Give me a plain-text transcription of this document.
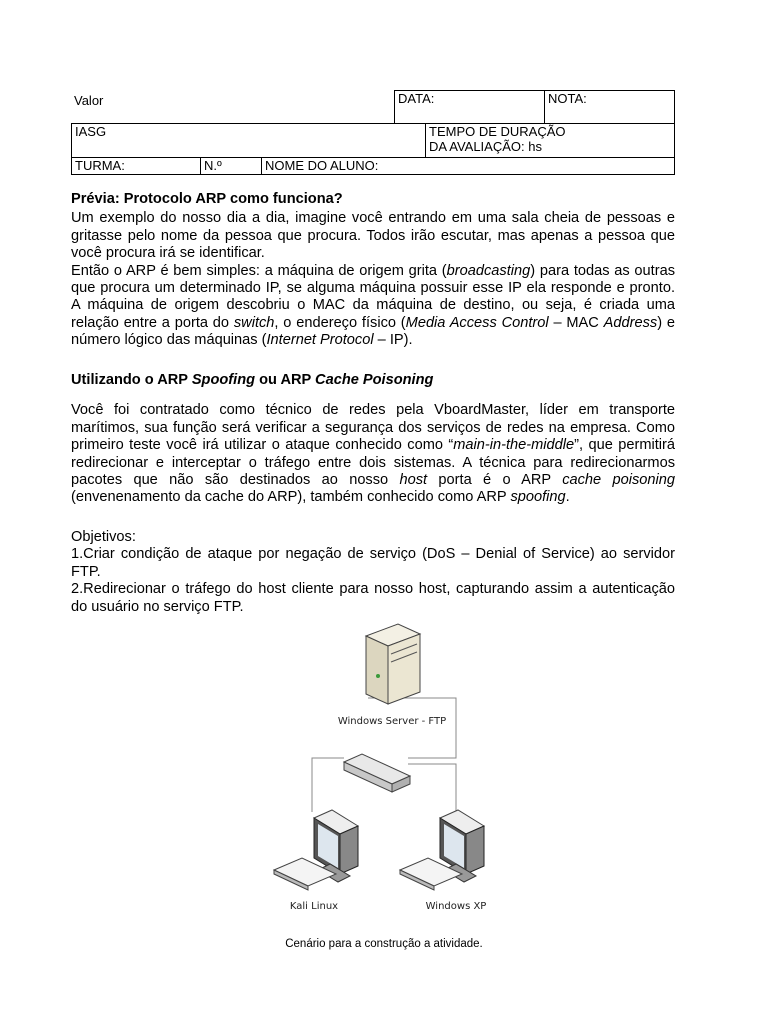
Valor	DATA:	NOTA:
IASG	TEMPO DE DURAÇÃO
DA AVALIAÇÃO: hs
TURMA:	N.º	NOME DO ALUNO:

Prévia: Protocolo ARP como funciona?

Um exemplo do nosso dia a dia, imagine você entrando em uma sala cheia de pessoas e gritasse pelo nome da pessoa que procura. Todos irão escutar, mas apenas a pessoa que você procura irá se identificar.

Então o ARP é bem simples: a máquina de origem grita (broadcasting) para todas as outras que procura um determinado IP, se alguma máquina possuir esse IP ela responde e pronto. A máquina de origem descobriu o MAC da máquina de destino, ou seja, é criada uma relação entre a porta do switch, o endereço físico (Media Access Control – MAC Address) e número lógico das máquinas (Internet Protocol – IP).

Utilizando o ARP Spoofing ou ARP Cache Poisoning

Você foi contratado como técnico de redes pela VboardMaster, líder em transporte marítimos, sua função será verificar a segurança dos serviços de redes na empresa. Como primeiro teste você irá utilizar o ataque conhecido como “main-in-the-middle”, que permitirá redirecionar e interceptar o tráfego entre dois sistemas. A técnica para redirecionarmos pacotes que não são destinados ao nosso host porta é o ARP cache poisoning (envenenamento da cache do ARP), também conhecido como ARP spoofing.

Objetivos:

1.Criar condição de ataque por negação de serviço (DoS – Denial of Service) ao servidor FTP.

2.Redirecionar o tráfego do host cliente para nosso host, capturando assim a autenticação do usuário no serviço FTP.

Windows Server - FTP
Kali Linux	Windows XP
Cenário para a construção a atividade.
